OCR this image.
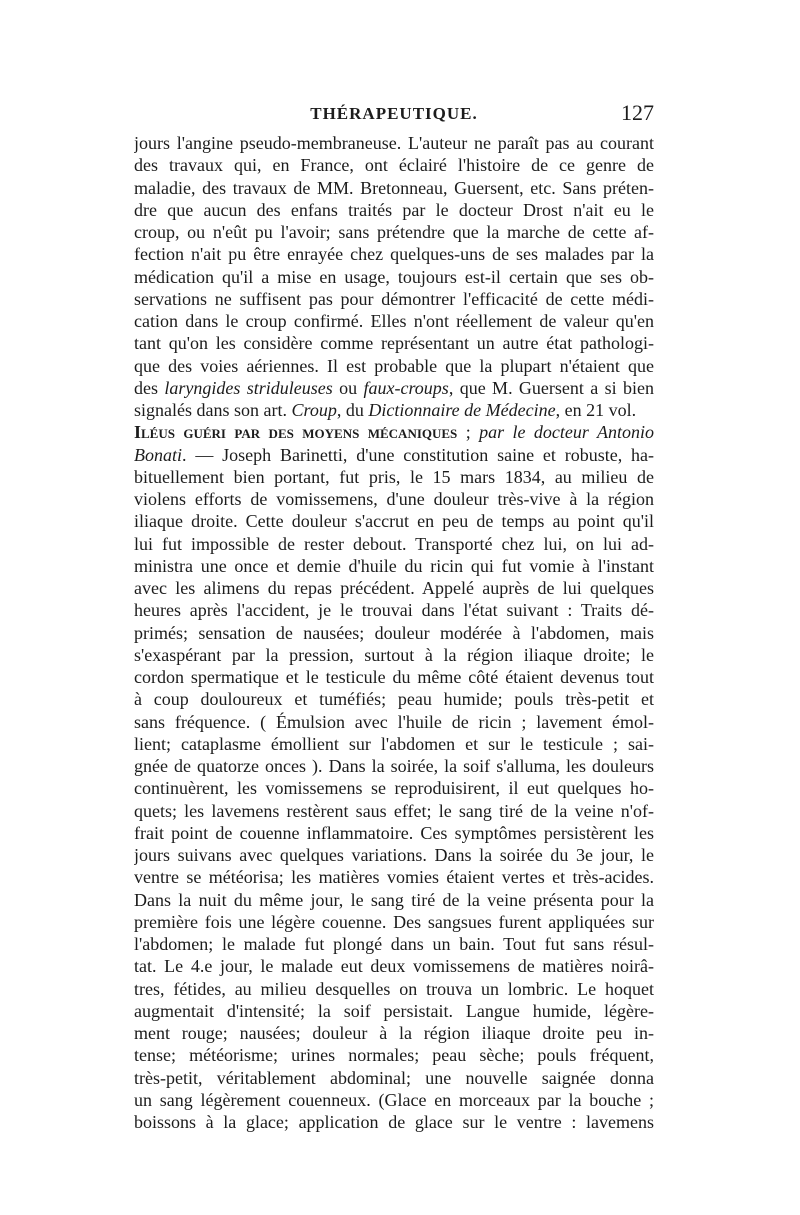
THÉRAPEUTIQUE.	127
jours l'angine pseudo-membraneuse. L'auteur ne paraît pas au courant
des travaux qui, en France, ont éclairé l'histoire de ce genre de
maladie, des travaux de MM. Bretonneau, Guersent, etc. Sans préten-
dre que aucun des enfans traités par le docteur Drost n'ait eu le
croup, ou n'eût pu l'avoir; sans prétendre que la marche de cette af-
fection n'ait pu être enrayée chez quelques-uns de ses malades par la
médication qu'il a mise en usage, toujours est-il certain que ses ob-
servations ne suffisent pas pour démontrer l'efficacité de cette médi-
cation dans le croup confirmé. Elles n'ont réellement de valeur qu'en
tant qu'on les considère comme représentant un autre état pathologi-
que des voies aériennes. Il est probable que la plupart n'étaient que
des laryngides striduleuses ou faux-croups, que M. Guersent a si bien
signalés dans son art. Croup, du Dictionnaire de Médecine, en 21 vol.
Iléus guéri par des moyens mécaniques ; par le docteur Antonio
Bonati. — Joseph Barinetti, d'une constitution saine et robuste, ha-
bituellement bien portant, fut pris, le 15 mars 1834, au milieu de
violens efforts de vomissemens, d'une douleur très-vive à la région
iliaque droite. Cette douleur s'accrut en peu de temps au point qu'il
lui fut impossible de rester debout. Transporté chez lui, on lui ad-
ministra une once et demie d'huile du ricin qui fut vomie à l'instant
avec les alimens du repas précédent. Appelé auprès de lui quelques
heures après l'accident, je le trouvai dans l'état suivant : Traits dé-
primés; sensation de nausées; douleur modérée à l'abdomen, mais
s'exaspérant par la pression, surtout à la région iliaque droite; le
cordon spermatique et le testicule du même côté étaient devenus tout
à coup douloureux et tuméfiés; peau humide; pouls très-petit et
sans fréquence. ( Émulsion avec l'huile de ricin ; lavement émol-
lient; cataplasme émollient sur l'abdomen et sur le testicule ; sai-
gnée de quatorze onces ). Dans la soirée, la soif s'alluma, les douleurs
continuèrent, les vomissemens se reproduisirent, il eut quelques ho-
quets; les lavemens restèrent saus effet; le sang tiré de la veine n'of-
frait point de couenne inflammatoire. Ces symptômes persistèrent les
jours suivans avec quelques variations. Dans la soirée du 3e jour, le
ventre se météorisa; les matières vomies étaient vertes et très-acides.
Dans la nuit du même jour, le sang tiré de la veine présenta pour la
première fois une légère couenne. Des sangsues furent appliquées sur
l'abdomen; le malade fut plongé dans un bain. Tout fut sans résul-
tat. Le 4.e jour, le malade eut deux vomissemens de matières noirâ-
tres, fétides, au milieu desquelles on trouva un lombric. Le hoquet
augmentait d'intensité; la soif persistait. Langue humide, légère-
ment rouge; nausées; douleur à la région iliaque droite peu in-
tense; météorisme; urines normales; peau sèche; pouls fréquent,
très-petit, véritablement abdominal; une nouvelle saignée donna
un sang légèrement couenneux. (Glace en morceaux par la bouche ;
boissons à la glace; application de glace sur le ventre : lavemens
